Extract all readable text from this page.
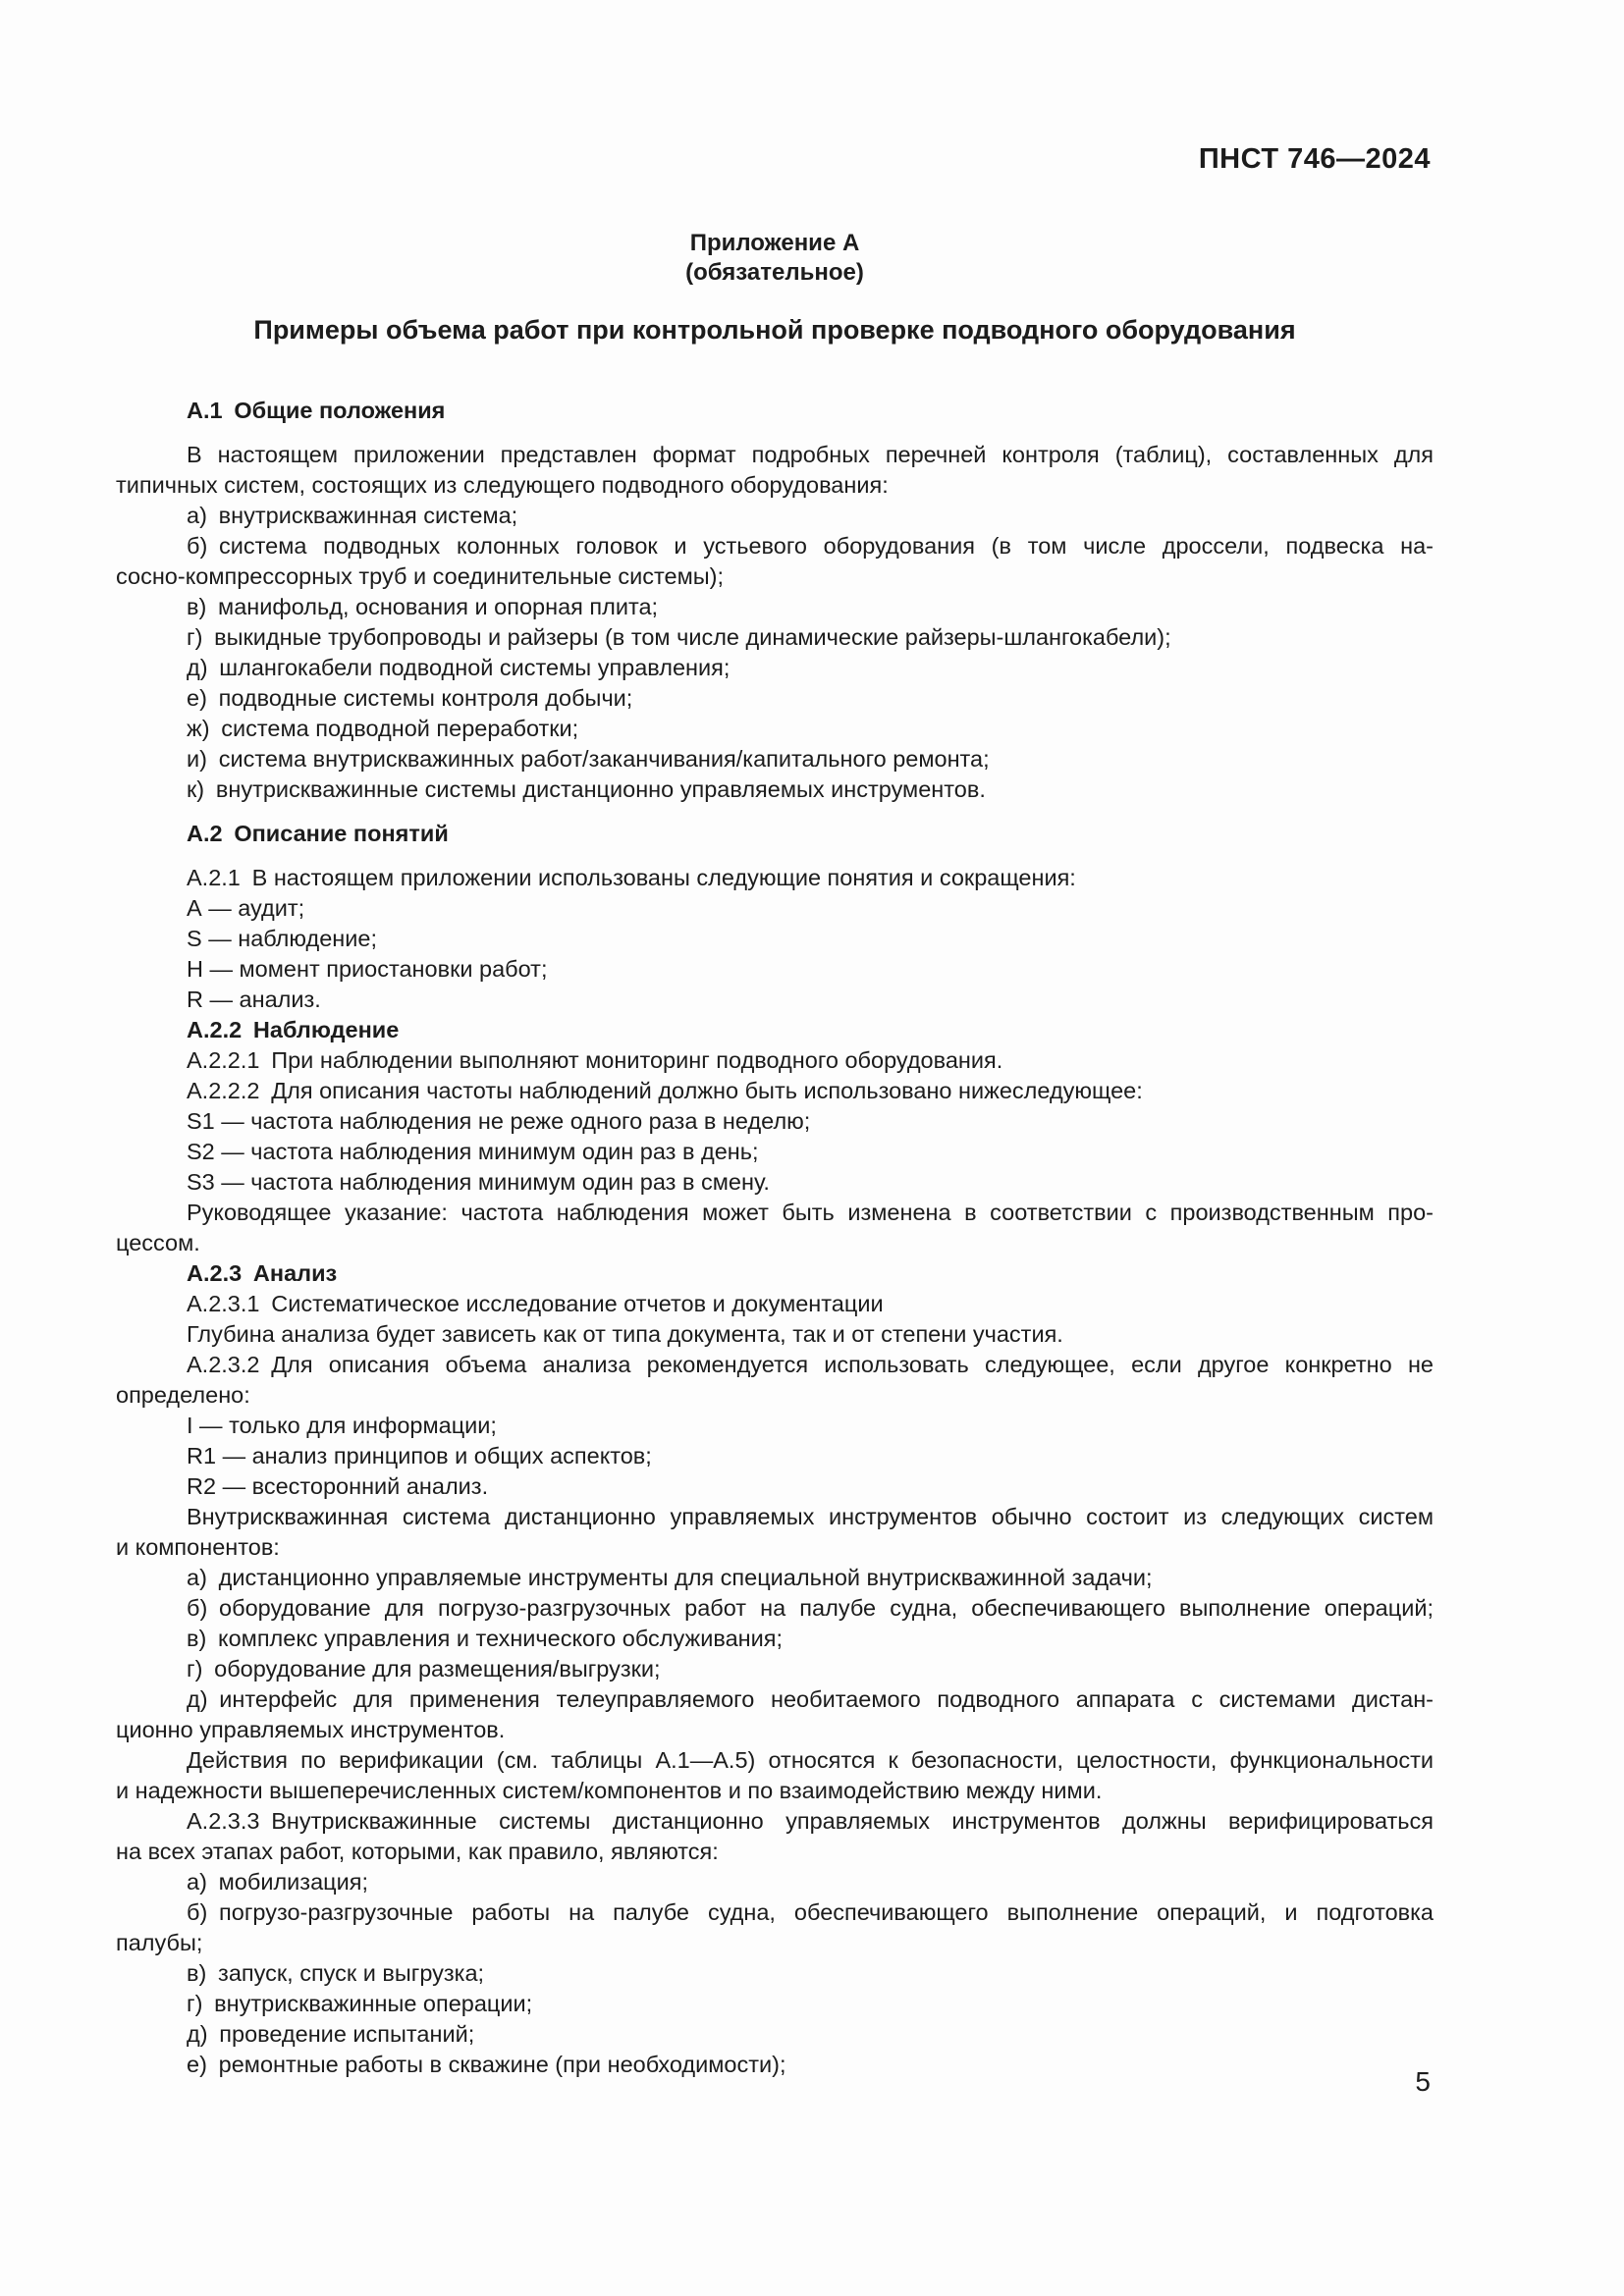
ПНСТ 746—2024
Приложение А
(обязательное)
Примеры объема работ при контрольной проверке подводного оборудования
А.1 Общие положения
В настоящем приложении представлен формат подробных перечней контроля (таблиц), составленных для
типичных систем, состоящих из следующего подводного оборудования:
а) внутрискважинная система;
б) система подводных колонных головок и устьевого оборудования (в том числе дроссели, подвеска на-
сосно-компрессорных труб и соединительные системы);
в) манифольд, основания и опорная плита;
г) выкидные трубопроводы и райзеры (в том числе динамические райзеры-шлангокабели);
д) шлангокабели подводной системы управления;
е) подводные системы контроля добычи;
ж) система подводной переработки;
и) система внутрискважинных работ/заканчивания/капитального ремонта;
к) внутрискважинные системы дистанционно управляемых инструментов.
А.2 Описание понятий
А.2.1 В настоящем приложении использованы следующие понятия и сокращения:
А — аудит;
S — наблюдение;
Н — момент приостановки работ;
R — анализ.
А.2.2 Наблюдение
А.2.2.1 При наблюдении выполняют мониторинг подводного оборудования.
А.2.2.2 Для описания частоты наблюдений должно быть использовано нижеследующее:
S1 — частота наблюдения не реже одного раза в неделю;
S2 — частота наблюдения минимум один раз в день;
S3 — частота наблюдения минимум один раз в смену.
Руководящее указание: частота наблюдения может быть изменена в соответствии с производственным про-
цессом.
А.2.3 Анализ
А.2.3.1 Систематическое исследование отчетов и документации
Глубина анализа будет зависеть как от типа документа, так и от степени участия.
А.2.3.2 Для описания объема анализа рекомендуется использовать следующее, если другое конкретно не
определено:
I — только для информации;
R1 — анализ принципов и общих аспектов;
R2 — всесторонний анализ.
Внутрискважинная система дистанционно управляемых инструментов обычно состоит из следующих систем
и компонентов:
а) дистанционно управляемые инструменты для специальной внутрискважинной задачи;
б) оборудование для погрузо-разгрузочных работ на палубе судна, обеспечивающего выполнение операций;
в) комплекс управления и технического обслуживания;
г) оборудование для размещения/выгрузки;
д) интерфейс для применения телеуправляемого необитаемого подводного аппарата с системами дистан-
ционно управляемых инструментов.
Действия по верификации (см. таблицы А.1—А.5) относятся к безопасности, целостности, функциональности
и надежности вышеперечисленных систем/компонентов и по взаимодействию между ними.
А.2.3.3 Внутрискважинные системы дистанционно управляемых инструментов должны верифицироваться
на всех этапах работ, которыми, как правило, являются:
а) мобилизация;
б) погрузо-разгрузочные работы на палубе судна, обеспечивающего выполнение операций, и подготовка
палубы;
в) запуск, спуск и выгрузка;
г) внутрискважинные операции;
д) проведение испытаний;
е) ремонтные работы в скважине (при необходимости);
5
